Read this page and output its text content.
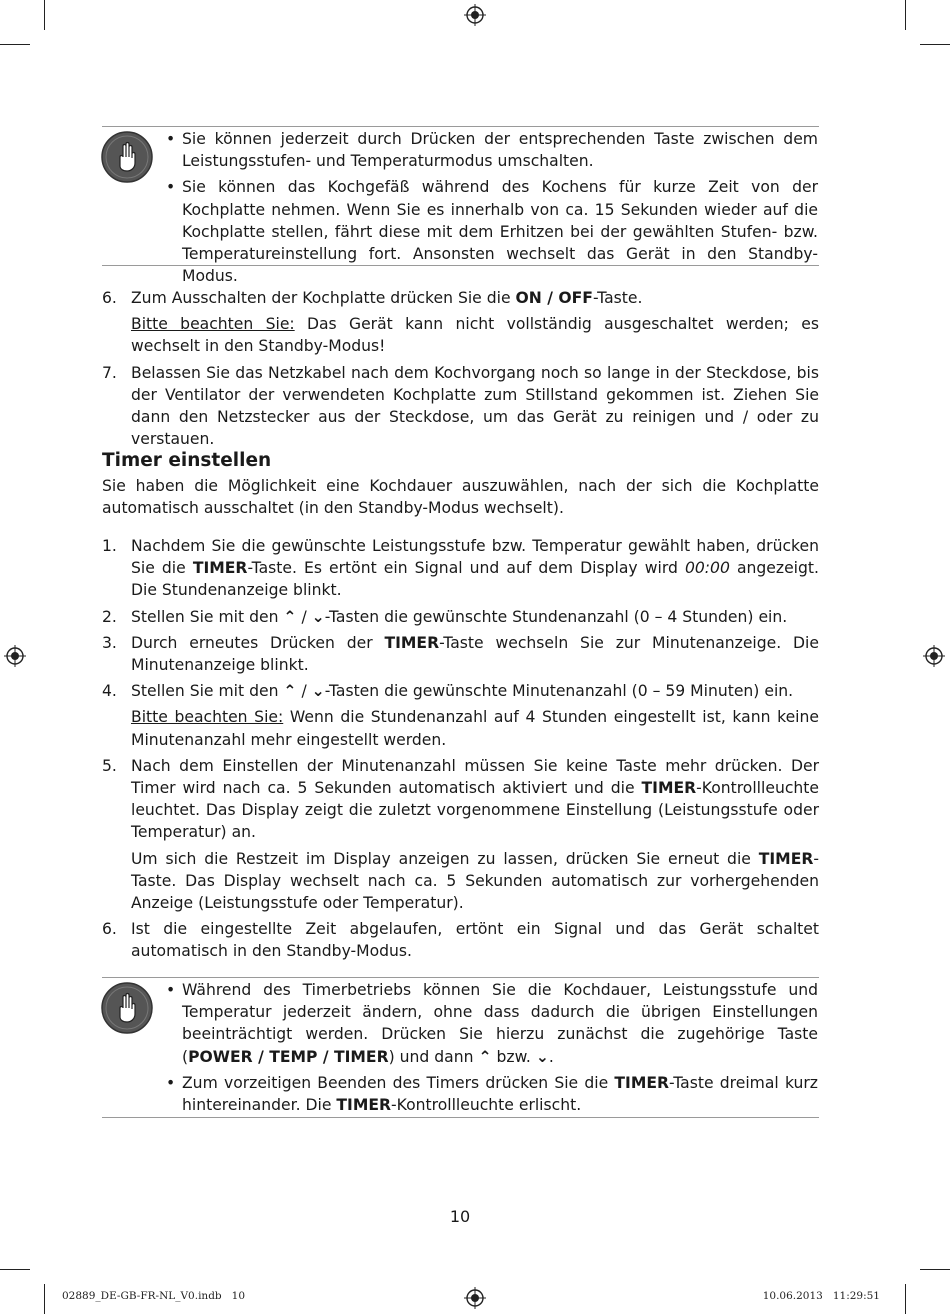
• Sie können jederzeit durch Drücken der entsprechenden Taste zwischen dem Leistungsstufen- und Temperaturmodus umschalten.
• Sie können das Kochgefäß während des Kochens für kurze Zeit von der Kochplatte nehmen. Wenn Sie es innerhalb von ca. 15 Sekunden wieder auf die Kochplatte stellen, fährt diese mit dem Erhitzen bei der gewählten Stufen- bzw. Temperatureinstellung fort. Ansonsten wechselt das Gerät in den Standby-Modus.
6. Zum Ausschalten der Kochplatte drücken Sie die ON / OFF-Taste.
Bitte beachten Sie: Das Gerät kann nicht vollständig ausgeschaltet werden; es wechselt in den Standby-Modus!
7. Belassen Sie das Netzkabel nach dem Kochvorgang noch so lange in der Steckdose, bis der Ventilator der verwendeten Kochplatte zum Stillstand gekommen ist. Ziehen Sie dann den Netzstecker aus der Steckdose, um das Gerät zu reinigen und / oder zu verstauen.
Timer einstellen

Sie haben die Möglichkeit eine Kochdauer auszuwählen, nach der sich die Kochplatte automatisch ausschaltet (in den Standby-Modus wechselt).

1. Nachdem Sie die gewünschte Leistungsstufe bzw. Temperatur gewählt haben, drücken Sie die TIMER-Taste. Es ertönt ein Signal und auf dem Display wird 00:00 angezeigt. Die Stundenanzeige blinkt.
2. Stellen Sie mit den ⌃ / ⌄-Tasten die gewünschte Stundenanzahl (0 – 4 Stunden) ein.
3. Durch erneutes Drücken der TIMER-Taste wechseln Sie zur Minutenanzeige. Die Minutenanzeige blinkt.
4. Stellen Sie mit den ⌃ / ⌄-Tasten die gewünschte Minutenanzahl (0 – 59 Minuten) ein.
Bitte beachten Sie: Wenn die Stundenanzahl auf 4 Stunden eingestellt ist, kann keine Minutenanzahl mehr eingestellt werden.
5. Nach dem Einstellen der Minutenanzahl müssen Sie keine Taste mehr drücken. Der Timer wird nach ca. 5 Sekunden automatisch aktiviert und die TIMER-Kontrollleuchte leuchtet. Das Display zeigt die zuletzt vorgenommene Einstellung (Leistungsstufe oder Temperatur) an.
Um sich die Restzeit im Display anzeigen zu lassen, drücken Sie erneut die TIMER-Taste. Das Display wechselt nach ca. 5 Sekunden automatisch zur vorhergehenden Anzeige (Leistungsstufe oder Temperatur).
6. Ist die eingestellte Zeit abgelaufen, ertönt ein Signal und das Gerät schaltet automatisch in den Standby-Modus.
• Während des Timerbetriebs können Sie die Kochdauer, Leistungsstufe und Temperatur jederzeit ändern, ohne dass dadurch die übrigen Einstellungen beeinträchtigt werden. Drücken Sie hierzu zunächst die zugehörige Taste (POWER / TEMP / TIMER) und dann ⌃ bzw. ⌄.
• Zum vorzeitigen Beenden des Timers drücken Sie die TIMER-Taste dreimal kurz hintereinander. Die TIMER-Kontrollleuchte erlischt.
10
02889_DE-GB-FR-NL_V0.indb   10	10.06.2013   11:29:51
